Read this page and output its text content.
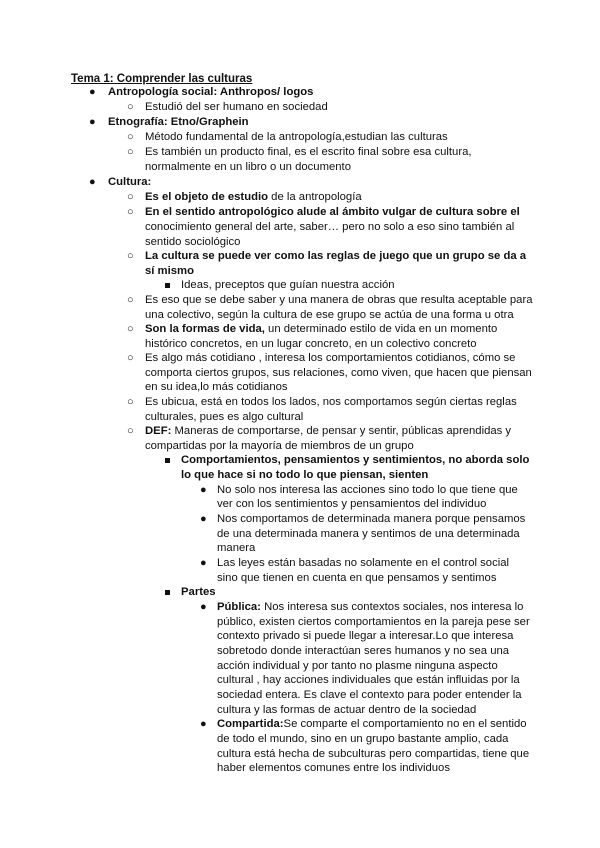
Tema 1: Comprender las culturas
● Antropología social: Anthropos/ logos
○ Estudió del ser humano en sociedad
● Etnografía: Etno/Graphein
○ Método fundamental de la antropología,estudian las culturas
○ Es también un producto final, es el escrito final sobre esa cultura,
normalmente en un libro o un documento
● Cultura:
○ Es el objeto de estudio de la antropología
○ En el sentido antropológico alude al ámbito vulgar de cultura sobre el
conocimiento general del arte, saber… pero no solo a eso sino también al
sentido sociológico
○ La cultura se puede ver como las reglas de juego que un grupo se da a
sí mismo
Ideas, preceptos que guían nuestra acción
○ Es eso que se debe saber y una manera de obras que resulta aceptable para
una colectivo, según la cultura de ese grupo se actúa de una forma u otra
○ Son la formas de vida, un determinado estilo de vida en un momento
histórico concretos, en un lugar concreto, en un colectivo concreto
○ Es algo más cotidiano , interesa los comportamientos cotidianos, cómo se
comporta ciertos grupos, sus relaciones, como viven, que hacen que piensan
en su idea,lo más cotidianos
○ Es ubicua, está en todos los lados, nos comportamos según ciertas reglas
culturales, pues es algo cultural
○ DEF: Maneras de comportarse, de pensar y sentir, públicas aprendidas y
compartidas por la mayoría de miembros de un grupo
Comportamientos, pensamientos y sentimientos, no aborda solo
lo que hace si no todo lo que piensan, sienten
● No solo nos interesa las acciones sino todo lo que tiene que
ver con los sentimientos y pensamientos del individuo
● Nos comportamos de determinada manera porque pensamos
de una determinada manera y sentimos de una determinada
manera
● Las leyes están basadas no solamente en el control social
sino que tienen en cuenta en que pensamos y sentimos
Partes
● Pública: Nos interesa sus contextos sociales, nos interesa lo
público, existen ciertos comportamientos en la pareja pese ser
contexto privado si puede llegar a interesar.Lo que interesa
sobretodo donde interactúan seres humanos y no sea una
acción individual y por tanto no plasme ninguna aspecto
cultural , hay acciones individuales que están influidas por la
sociedad entera. Es clave el contexto para poder entender la
cultura y las formas de actuar dentro de la sociedad
● Compartida:Se comparte el comportamiento no en el sentido
de todo el mundo, sino en un grupo bastante amplio, cada
cultura está hecha de subculturas pero compartidas, tiene que
haber elementos comunes entre los individuos
